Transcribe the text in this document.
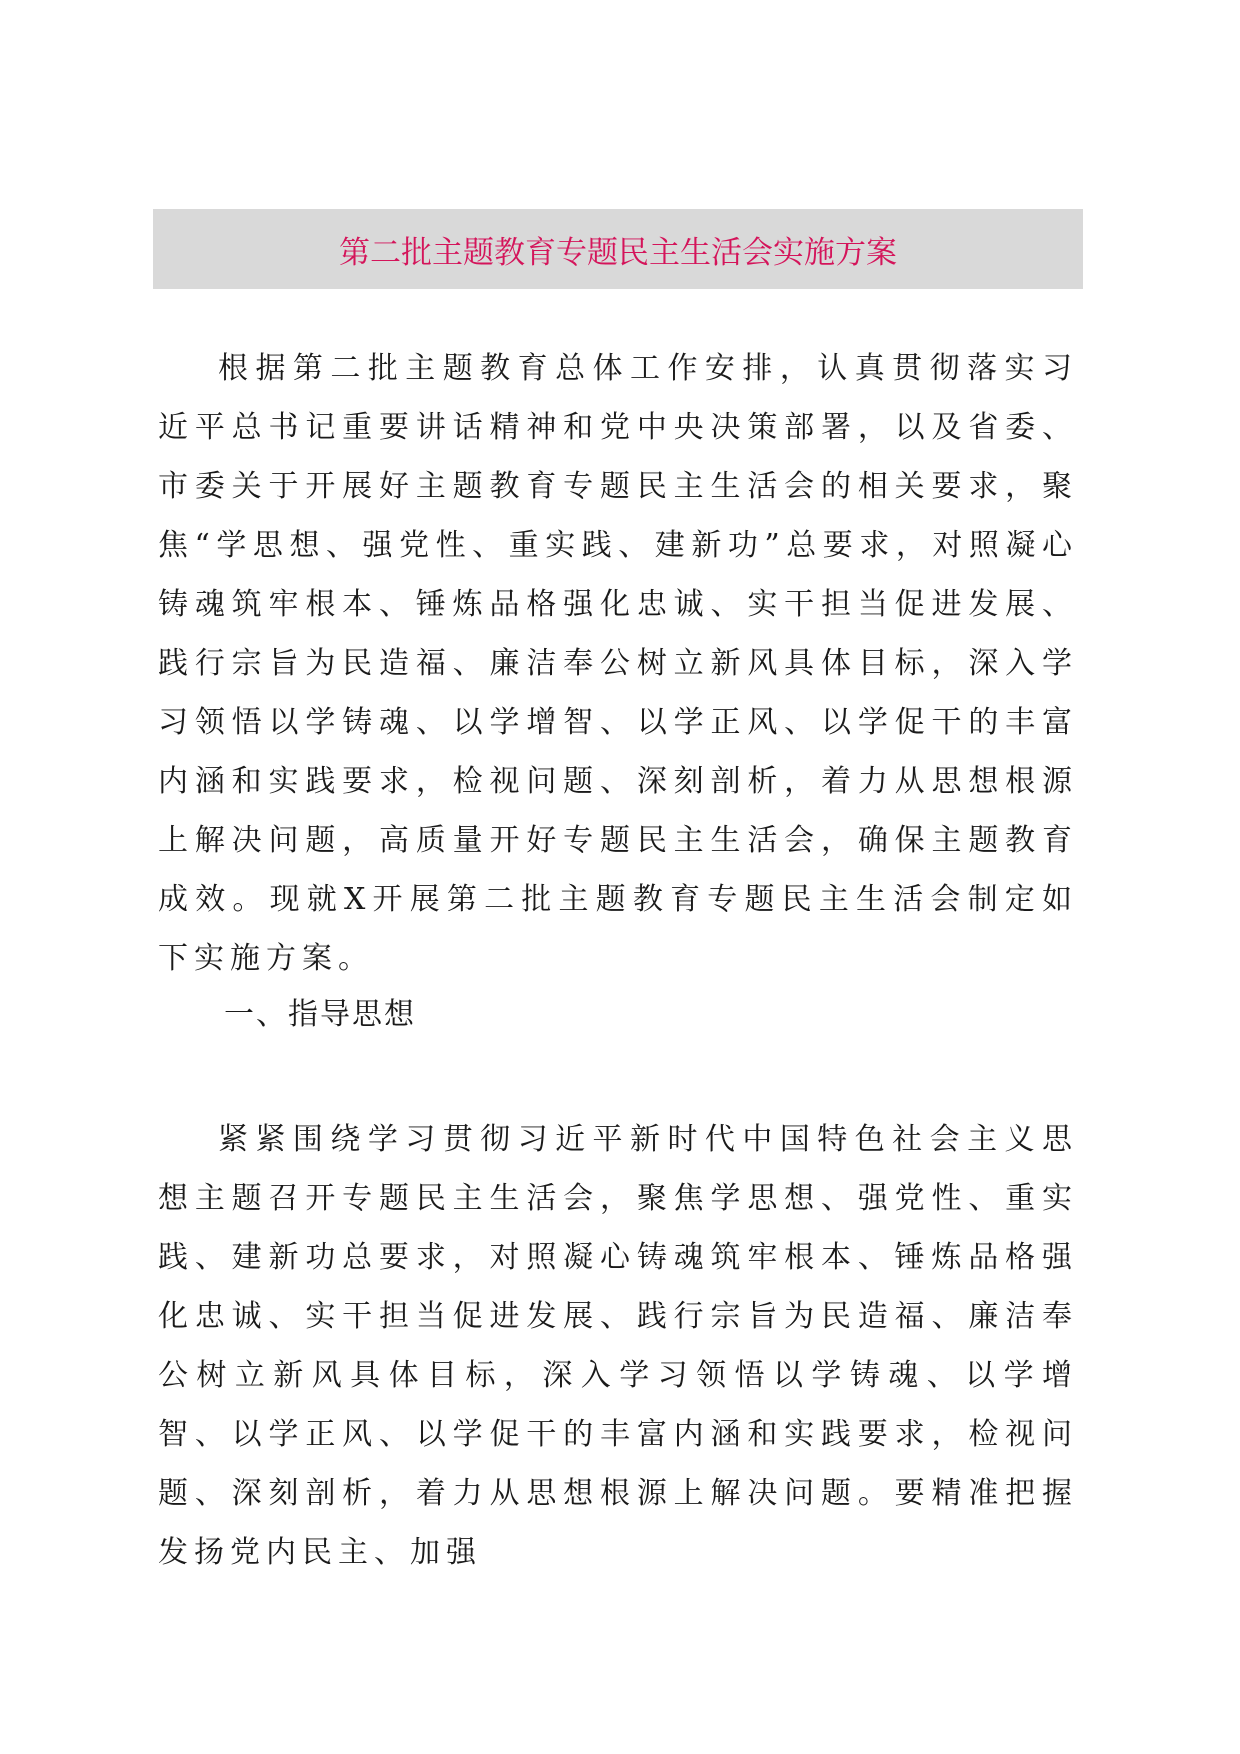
第二批主题教育专题民主生活会实施方案

根据第二批主题教育总体工作安排，认真贯彻落实习近平总书记重要讲话精神和党中央决策部署，以及省委、市委关于开展好主题教育专题民主生活会的相关要求，聚焦“学思想、强党性、重实践、建新功”总要求，对照凝心铸魂筑牢根本、锤炼品格强化忠诚、实干担当促进发展、践行宗旨为民造福、廉洁奉公树立新风具体目标，深入学习领悟以学铸魂、以学增智、以学正风、以学促干的丰富内涵和实践要求，检视问题、深刻剖析，着力从思想根源上解决问题，高质量开好专题民主生活会，确保主题教育成效。现就X开展第二批主题教育专题民主生活会制定如下实施方案。

一、指导思想

紧紧围绕学习贯彻习近平新时代中国特色社会主义思想主题召开专题民主生活会，聚焦学思想、强党性、重实践、建新功总要求，对照凝心铸魂筑牢根本、锤炼品格强化忠诚、实干担当促进发展、践行宗旨为民造福、廉洁奉公树立新风具体目标，深入学习领悟以学铸魂、以学增智、以学正风、以学促干的丰富内涵和实践要求，检视问题、深刻剖析，着力从思想根源上解决问题。要精准把握发扬党内民主、加强
